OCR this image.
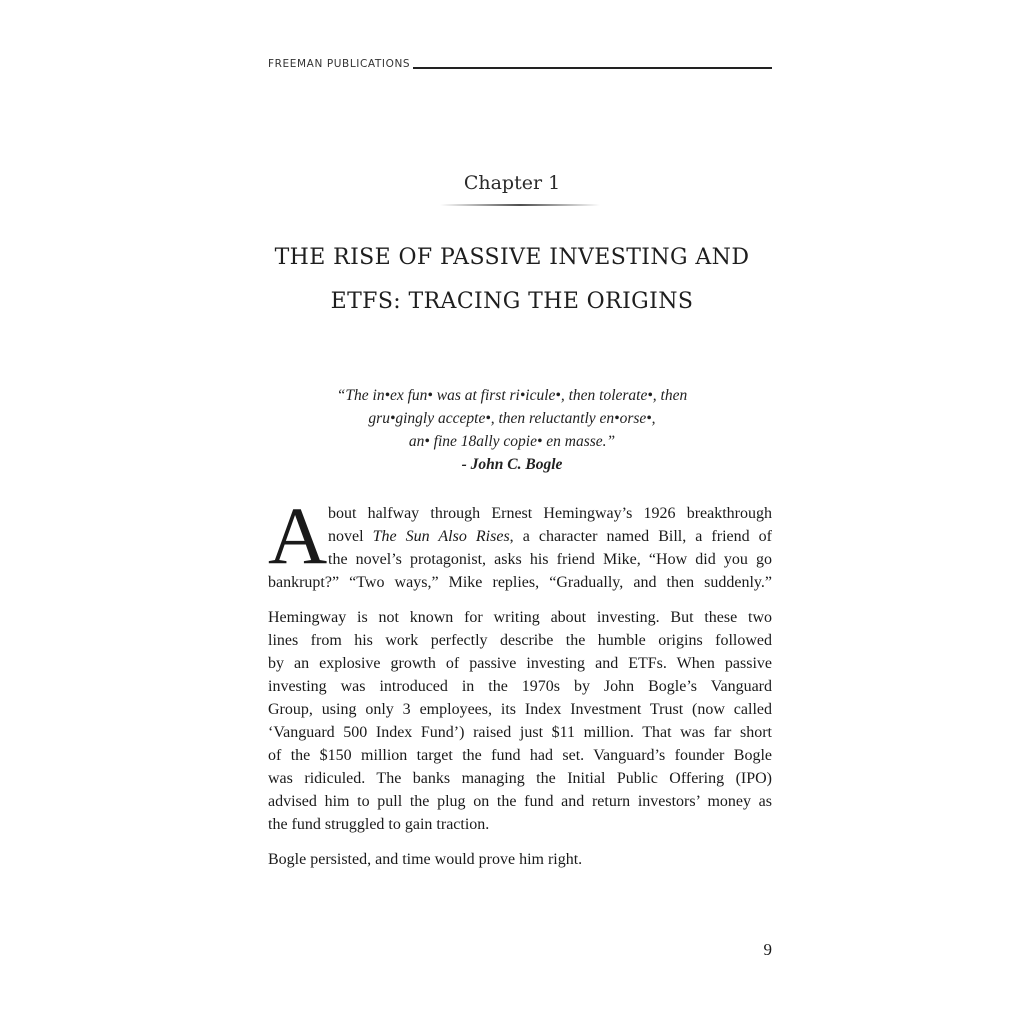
FREEMAN PUBLICATIONS
Chapter 1
THE RISE OF PASSIVE INVESTING AND
ETFS: TRACING THE ORIGINS
“The in•ex fun• was at first ri•icule•, then tolerate•, then
gru•gingly accepte•, then reluctantly en•orse•,
an• fine 18ally copie• en masse.”
- John C. Bogle
A bout halfway through Ernest Hemingway’s 1926 breakthrough
novel The Sun Also Rises, a character named Bill, a friend of
the novel’s protagonist, asks his friend Mike, “How did you go
bankrupt?” “Two ways,” Mike replies, “Gradually, and then suddenly.”
Hemingway is not known for writing about investing. But these two
lines from his work perfectly describe the humble origins followed
by an explosive growth of passive investing and ETFs. When passive
investing was introduced in the 1970s by John Bogle’s Vanguard
Group, using only 3 employees, its Index Investment Trust (now called
‘Vanguard 500 Index Fund’) raised just $11 million. That was far short
of the $150 million target the fund had set. Vanguard’s founder Bogle
was ridiculed. The banks managing the Initial Public Offering (IPO)
advised him to pull the plug on the fund and return investors’ money as
the fund struggled to gain traction.
Bogle persisted, and time would prove him right.
9
